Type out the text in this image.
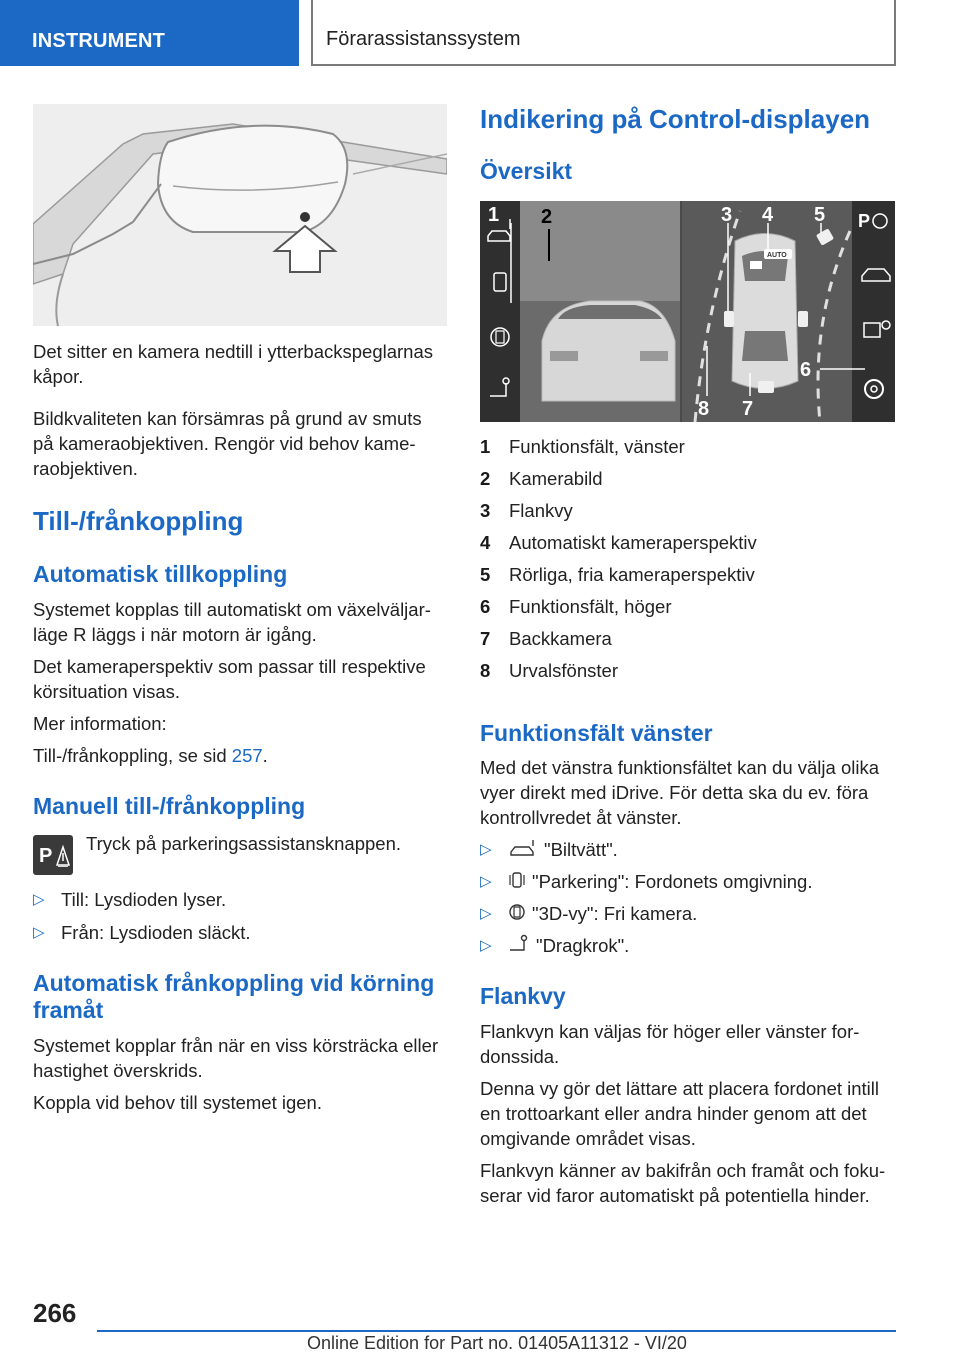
INSTRUMENT	Förarassistanssystem

Det sitter en kamera nedtill i ytterbackspeglarnas kåpor.

Bildkvaliteten kan försämras på grund av smuts på kameraobjektiven. Rengör vid behov kame-raobjektiven.

Till-/frånkoppling
Automatisk tillkoppling

Systemet kopplas till automatiskt om växelväljar-läge R läggs i när motorn är igång.

Det kameraperspektiv som passar till respektive körsituation visas.

Mer information:

Till-/frånkoppling, se sid 257.

Manuell till-/frånkoppling
P

Tryck på parkeringsassistansknappen.

▷ Till: Lysdioden lyser.
▷ Från: Lysdioden släckt.
Automatisk frånkoppling vid körning framåt

Systemet kopplar från när en viss körsträcka eller hastighet överskrids.

Koppla vid behov till systemet igen.

Indikering på Control-displayen
Översikt
AUTO
P
1 2	3 4 5
6
7
8
1	Funktionsfält, vänster
2	Kamerabild
3	Flankvy
4	Automatiskt kameraperspektiv
5	Rörliga, fria kameraperspektiv
6	Funktionsfält, höger
7	Backkamera
8	Urvalsfönster
Funktionsfält vänster

Med det vänstra funktionsfältet kan du välja olika vyer direkt med iDrive. För detta ska du ev. föra kontrollvredet åt vänster.

▷	"Biltvätt".
▷	"Parkering": Fordonets omgivning.
▷	"3D-vy": Fri kamera.
▷	"Dragkrok".
Flankvy

Flankvyn kan väljas för höger eller vänster for-donssida.

Denna vy gör det lättare att placera fordonet intill en trottoarkant eller andra hinder genom att det omgivande området visas.

Flankvyn känner av bakifrån och framåt och foku-serar vid faror automatiskt på potentiella hinder.

266
Online Edition for Part no. 01405A11312 - VI/20
